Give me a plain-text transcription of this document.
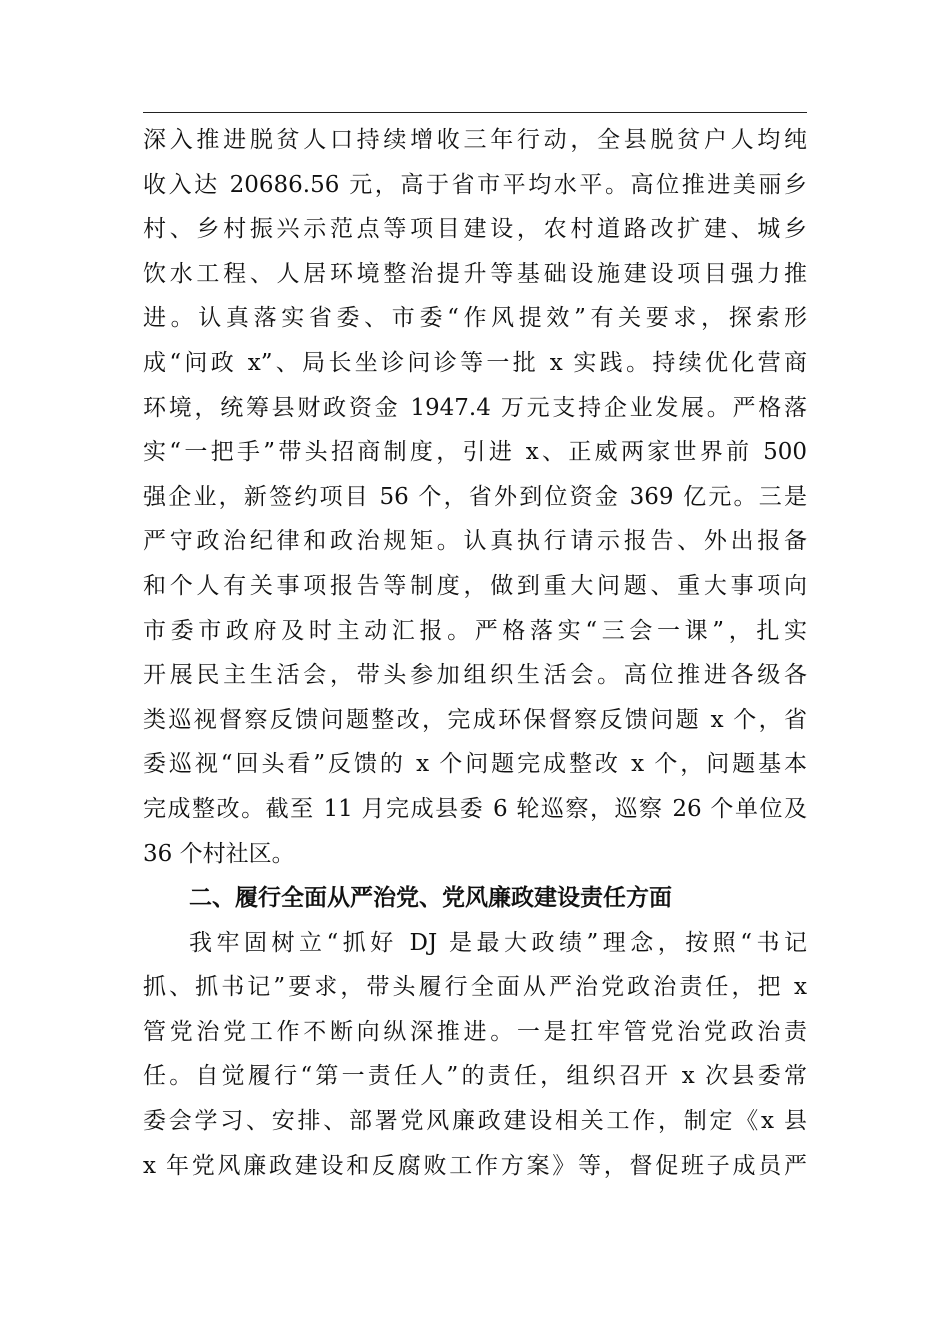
深入推进脱贫人口持续增收三年行动，全县脱贫户人均纯
收入达 20686.56 元，高于省市平均水平。高位推进美丽乡
村、乡村振兴示范点等项目建设，农村道路改扩建、城乡
饮水工程、人居环境整治提升等基础设施建设项目强力推
进。认真落实省委、市委“作风提效”有关要求，探索形
成“问政 x”、局长坐诊问诊等一批 x 实践。持续优化营商
环境，统筹县财政资金 1947.4 万元支持企业发展。严格落
实“一把手”带头招商制度，引进 x、正威两家世界前 500
强企业，新签约项目 56 个，省外到位资金 369 亿元。三是
严守政治纪律和政治规矩。认真执行请示报告、外出报备
和个人有关事项报告等制度，做到重大问题、重大事项向
市委市政府及时主动汇报。严格落实“三会一课”，扎实
开展民主生活会，带头参加组织生活会。高位推进各级各
类巡视督察反馈问题整改，完成环保督察反馈问题 x 个，省
委巡视“回头看”反馈的 x 个问题完成整改 x 个，问题基本
完成整改。截至 11 月完成县委 6 轮巡察，巡察 26 个单位及
36 个村社区。
二、履行全面从严治党、党风廉政建设责任方面
我牢固树立“抓好 DJ 是最大政绩”理念，按照“书记
抓、抓书记”要求，带头履行全面从严治党政治责任，把 x
管党治党工作不断向纵深推进。一是扛牢管党治党政治责
任。自觉履行“第一责任人”的责任，组织召开 x 次县委常
委会学习、安排、部署党风廉政建设相关工作，制定《x 县
x 年党风廉政建设和反腐败工作方案》等，督促班子成员严
